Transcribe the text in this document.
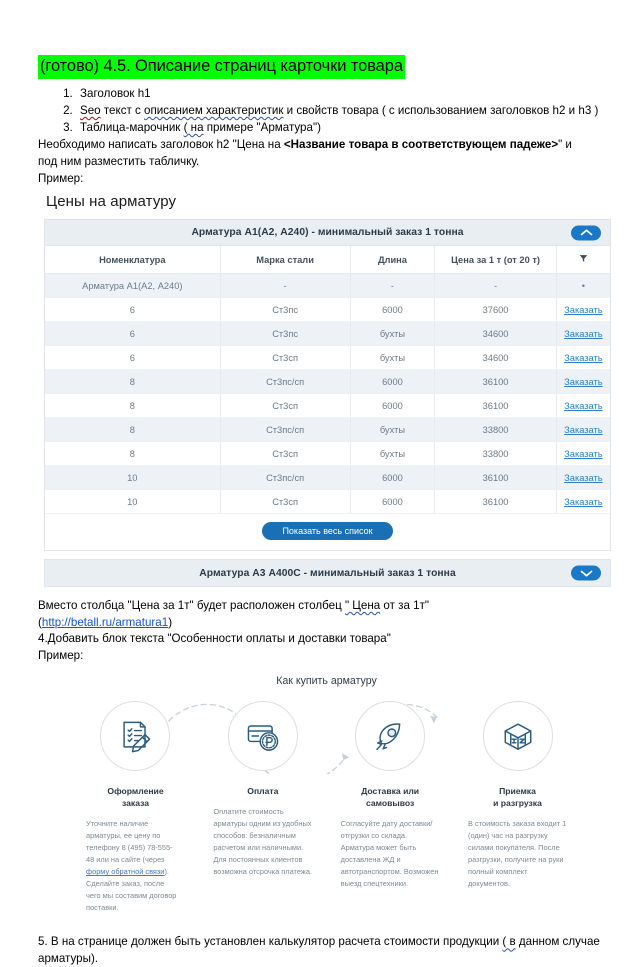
(готово) 4.5. Описание страниц карточки товара
1. Заголовок h1
2. Seo текст с описанием характеристик и свойств товара ( с использованием заголовков h2 и h3 )
3. Таблица-марочник ( на примере "Арматура")

Необходимо написать заголовок h2 "Цена на <Название товара в соответствующем падеже>" и

под ним разместить табличку.

Пример:

Цены на арматуру
Арматура А1(А2, А240) - минимальный заказ 1 тонна
Номенклатура	Марка стали	Длина	Цена за 1 т (от 20 т)	
Арматура А1(А2, А240)	-	-	-	•
6	Ст3пс	6000	37600	Заказать
6	Ст3пс	бухты	34600	Заказать
6	Ст3сп	бухты	34600	Заказать
8	Ст3пс/сп	6000	36100	Заказать
8	Ст3сп	6000	36100	Заказать
8	Ст3пс/сп	бухты	33800	Заказать
8	Ст3сп	бухты	33800	Заказать
10	Ст3пс/сп	6000	36100	Заказать
10	Ст3сп	6000	36100	Заказать
Показать весь список
Арматура А3 А400С - минимальный заказ 1 тонна

Вместо столбца "Цена за 1т" будет расположен столбец " Цена от за 1т"

(http://betall.ru/armatura1)

4.Добавить блок текста "Особенности оплаты и доставки товара"

Пример:

Как купить арматуру
Оформление
заказа
Уточните наличие арматуры, ее цену по телефону 8 (495) 78-555-48 или на сайте (через форму обратной связи). Сделайте заказ, после чего мы составим договор поставки.
Оплата
Оплатите стоимость арматуры одним из удобных способов: безналичным расчетом или наличными. Для постоянных клиентов возможна отсрочка платежа.
Доставка или самовывоз
Согласуйте дату доставки/ отгрузки со склада. Арматура может быть доставлена ЖД и автотранспортом. Возможен выезд спецтехники.
Приемка
и разгрузка
В стоимость заказа входит 1 (один) час на разгрузку силами покупателя. После разгрузки, получите на руки полный комплект документов.

5. В на странице должен быть установлен калькулятор расчета стоимости продукции ( в данном случае арматуры).
